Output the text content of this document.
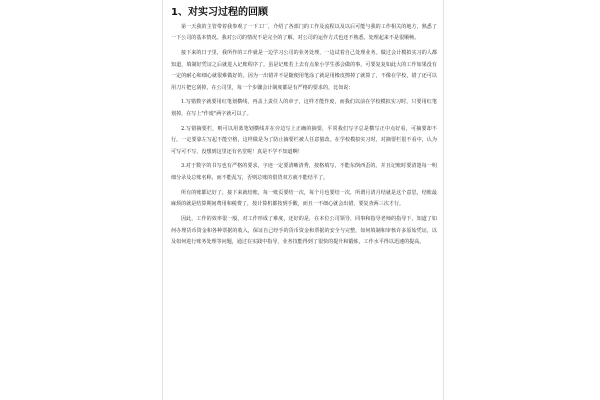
1、对实习过程的回顾

第一天我的主管带着我参观了一下工厂，介绍了各部门的工作及流程以及以后可能与我的工作相关的地方，熟悉了一下公司的基本情况。我对公司的情况不是完全的了解，对公司的运作方式也还不熟悉，处理起来不是很顺畅。

接下来的日子里，我所作的工作就是一边学习公司的业务处理，一边试着自己处理业务。做过会计模拟实习的人都知道，填制好凭证之后就进入记账程序了。虽是记账若上去有点象小学生那会做的事，可要复复如此大的工作如果没有一定的耐心和细心就很难做好的。因为一出错并不是随便用笔涂了就是用橡皮擦掉了就算了，不像在学校，错了还可以用刀片把它刮掉，在公司里，每一个步骤会计制度都是有严格的要求的，比如说：

1.写错数字就要用红笔划横线，再盖上责任人的章子，这样才能作废，而我们以前在学校模拟实习时，只要用红笔划掉，在写上"作废"两字就可以了。

2.写错摘要栏，则可以用蓝笔划横线并在旁边写上正确的摘要，平常我们写字总是横写正中点好看，可摘要却不行，一定要靠左写起不能空格，这样做是为了防止摘要栏被人任意篡改。在学校模拟实习时，对摘要栏很不看中，认为可写可不写，没想到这里还有名堂呢！真是不学不知道啊！

3.对于数字的书写也有严格的要求，字迹一定要清晰清秀，按格填写，不能东倒西歪的。并且记账时要清楚每一明细分录及总账名称，而不能乱写，否则总账的借贷双方就不能结平了。

所有的账都记好了，接下来就结账，每一账页要结一次，每个月也要结一次，所谓月清月结就是这个意思，结账最麻烦的就是结算期间费用和税费了，按计算机都按到手酸，而且一不细心就会出错，要复查两三次才行。

因此，工作的效率很一般，对工作形成了难度，还好的是，在本位公司领导，同事和指导老师的指导下，知道了如何办理货币资金和各种票据的收入，保证自己经手的货币资金和票据的安全与完整，如何填制和审核许多原始凭证，以及如何进行账务处理等问题，通过在实践中指导，业务技能得到了很快的提升和锻炼，工作水平得以迅速的提高。
